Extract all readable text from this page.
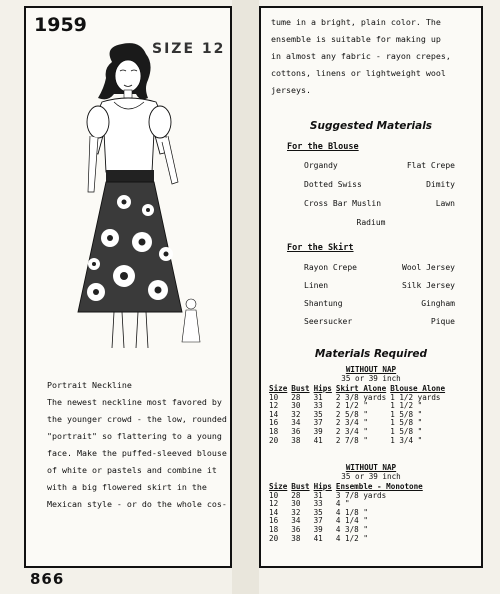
1959
SIZE 12
Portrait Neckline
The newest neckline most favored by
the younger crowd - the low, rounded
"portrait" so flattering to a young
face. Make the puffed-sleeved blouse
of white or pastels and combine it
with a big flowered skirt in the
Mexican style - or do the whole cos-
866
tume in a bright, plain color. The
ensemble is suitable for making up
in almost any fabric - rayon crepes,
cottons, linens or lightweight wool
jerseys.
Suggested Materials
For the Blouse
Organdy	Flat Crepe
Dotted Swiss	Dimity
Cross Bar Muslin	Lawn
Radium
For the Skirt
Rayon Crepe	Wool Jersey
Linen	Silk Jersey
Shantung	Gingham
Seersucker	Pique
Materials Required
WITHOUT NAP
35 or 39 inch
Size	Bust	Hips	Skirt Alone	Blouse Alone
10	28	31	2 3/8 yards	1 1/2 yards
12	30	33	2 1/2 "	1 1/2 "
14	32	35	2 5/8 "	1 5/8 "
16	34	37	2 3/4 "	1 5/8 "
18	36	39	2 3/4 "	1 5/8 "
20	38	41	2 7/8 "	1 3/4 "
WITHOUT NAP
35 or 39 inch
Size	Bust	Hips	Ensemble - Monotone
10	28	31	3 7/8 yards
12	30	33	4 "
14	32	35	4 1/8 "
16	34	37	4 1/4 "
18	36	39	4 3/8 "
20	38	41	4 1/2 "
